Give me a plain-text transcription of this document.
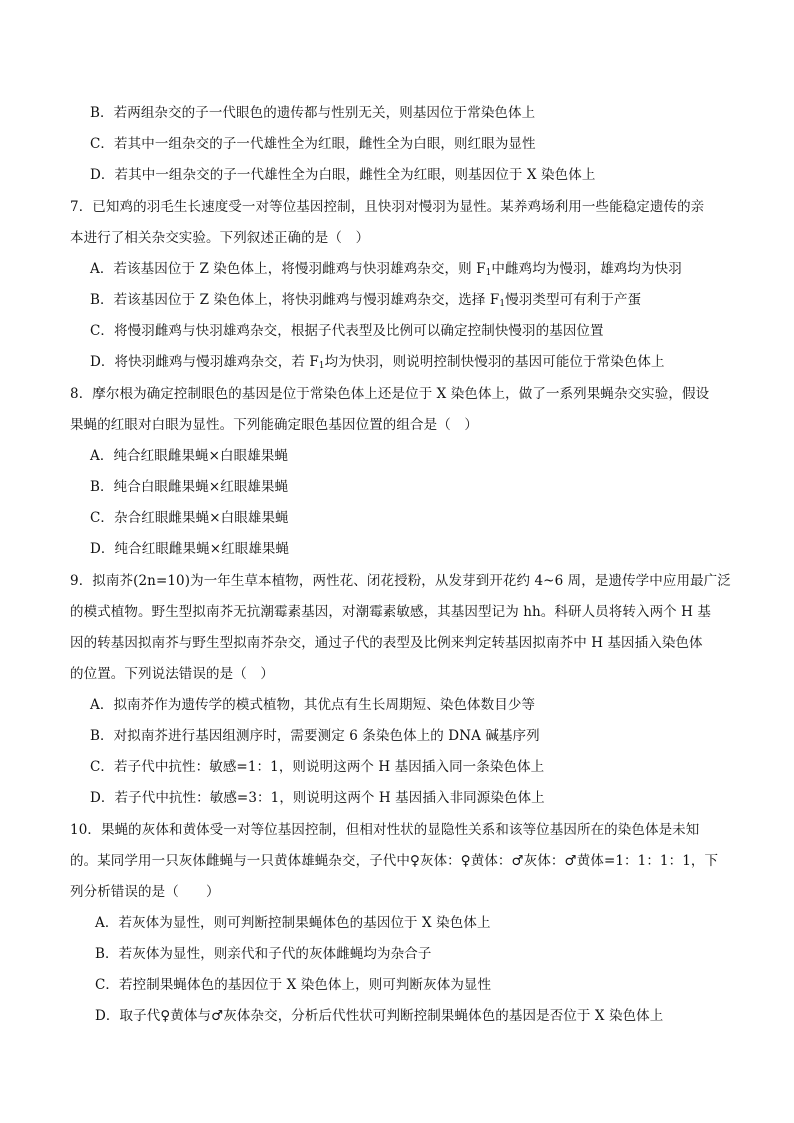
B．若两组杂交的子一代眼色的遗传都与性别无关，则基因位于常染色体上
C．若其中一组杂交的子一代雄性全为红眼，雌性全为白眼，则红眼为显性
D．若其中一组杂交的子一代雄性全为白眼，雌性全为红眼，则基因位于 X 染色体上
7．已知鸡的羽毛生长速度受一对等位基因控制，且快羽对慢羽为显性。某养鸡场利用一些能稳定遗传的亲
本进行了相关杂交实验。下列叙述正确的是（　）
A．若该基因位于 Z 染色体上，将慢羽雌鸡与快羽雄鸡杂交，则 $F_1$中雌鸡均为慢羽，雄鸡均为快羽
B．若该基因位于 Z 染色体上，将快羽雌鸡与慢羽雄鸡杂交，选择 $F_1$慢羽类型可有利于产蛋
C．将慢羽雌鸡与快羽雄鸡杂交，根据子代表型及比例可以确定控制快慢羽的基因位置
D．将快羽雌鸡与慢羽雄鸡杂交，若 $F_1$均为快羽，则说明控制快慢羽的基因可能位于常染色体上
8．摩尔根为确定控制眼色的基因是位于常染色体上还是位于 X 染色体上，做了一系列果蝇杂交实验，假设
果蝇的红眼对白眼为显性。下列能确定眼色基因位置的组合是（　）
A．纯合红眼雌果蝇×白眼雄果蝇
B．纯合白眼雌果蝇×红眼雄果蝇
C．杂合红眼雌果蝇×白眼雄果蝇
D．纯合红眼雌果蝇×红眼雄果蝇
9．拟南芥(2n=10)为一年生草本植物，两性花、闭花授粉，从发芽到开花约 4~6 周，是遗传学中应用最广泛
的模式植物。野生型拟南芥无抗潮霉素基因，对潮霉素敏感，其基因型记为 hh。科研人员将转入两个 H 基
因的转基因拟南芥与野生型拟南芥杂交，通过子代的表型及比例来判定转基因拟南芥中 H 基因插入染色体
的位置。下列说法错误的是（　）
A．拟南芥作为遗传学的模式植物，其优点有生长周期短、染色体数目少等
B．对拟南芥进行基因组测序时，需要测定 6 条染色体上的 DNA 碱基序列
C．若子代中抗性：敏感=1：1，则说明这两个 H 基因插入同一条染色体上
D．若子代中抗性：敏感=3：1，则说明这两个 H 基因插入非同源染色体上
10．果蝇的灰体和黄体受一对等位基因控制，但相对性状的显隐性关系和该等位基因所在的染色体是未知
的。某同学用一只灰体雌蝇与一只黄体雄蝇杂交，子代中♀灰体：♀黄体：♂灰体：♂黄体=1：1：1：1，下
列分析错误的是（　　）
A．若灰体为显性，则可判断控制果蝇体色的基因位于 X 染色体上
B．若灰体为显性，则亲代和子代的灰体雌蝇均为杂合子
C．若控制果蝇体色的基因位于 X 染色体上，则可判断灰体为显性
D．取子代♀黄体与♂灰体杂交，分析后代性状可判断控制果蝇体色的基因是否位于 X 染色体上
